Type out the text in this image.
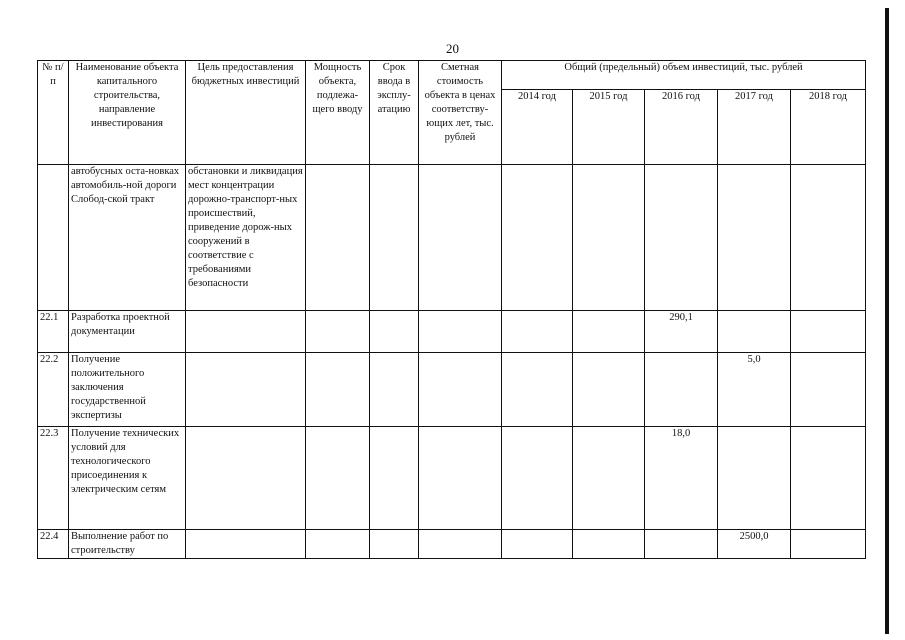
20
№ п/п	Наименование объекта капитального строительства, направление инвестирования	Цель предоставления бюджетных инвестиций	Мощность объекта, подлежа-щего вводу	Срок ввода в эксплу-атацию	Сметная стоимость объекта в ценах соответству-ющих лет, тыс. рублей	Общий (предельный) объем инвестиций, тыс. рублей				
						2014 год	2015 год	2016 год	2017 год	2018 год
	автобусных оста-новках автомобиль-ной дороги Слобод-ской тракт	обстановки и ликвидация мест концентрации дорожно-транспорт-ных происшествий, приведение дорож-ных сооружений в соответствие с требованиями безопасности								
22.1	Разработка проектной документации							290,1		
22.2	Получение положительного заключения государственной экспертизы								5,0	
22.3	Получение технических условий для технологического присоединения к электрическим сетям							18,0		
22.4	Выполнение работ по строительству								2500,0	
